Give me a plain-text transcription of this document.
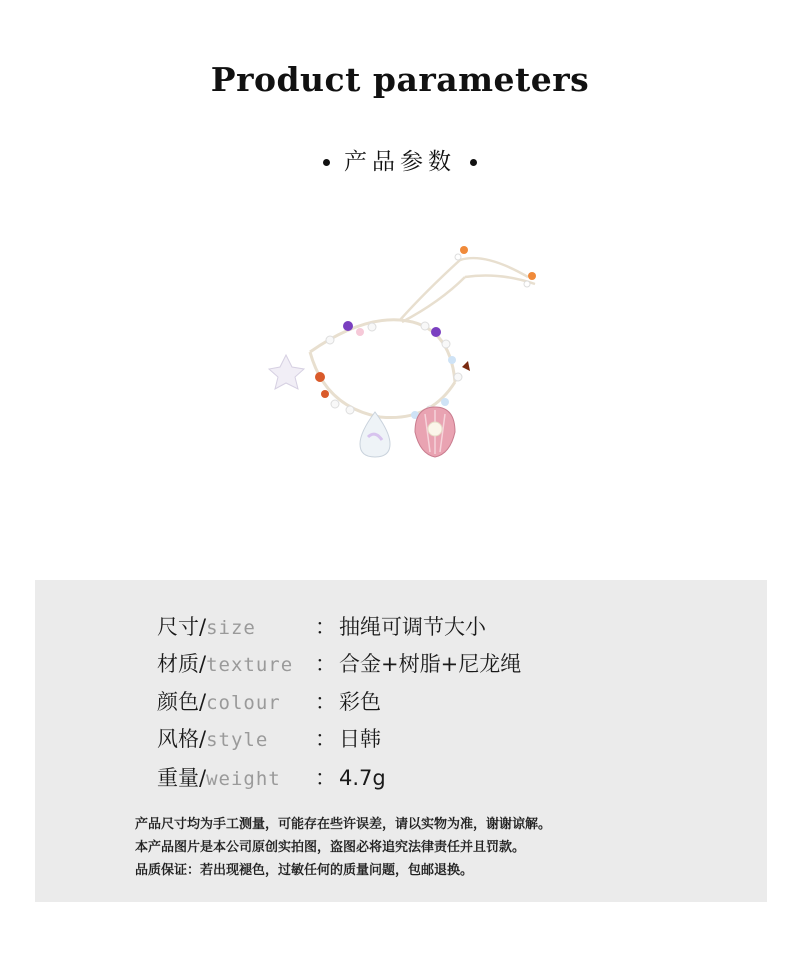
Product parameters
产品参数
尺寸/size	： 抽绳可调节大小
材质/texture ： 合金+树脂+尼龙绳
颜色/colour ： 彩色
风格/style ： 日韩
重量/weight ： 4.7g
产品尺寸均为手工测量，可能存在些许误差，请以实物为准，谢谢谅解。
本产品图片是本公司原创实拍图，盗图必将追究法律责任并且罚款。
品质保证：若出现褪色，过敏任何的质量问题，包邮退换。
